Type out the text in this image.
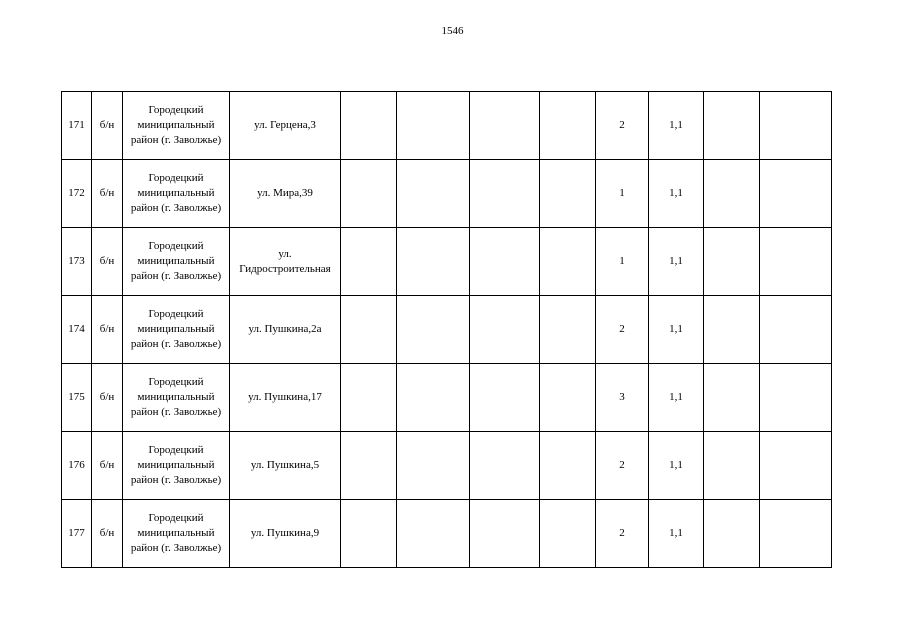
1546
171	б/н	Городецкий
миниципальный
район (г. Заволжье)	ул. Герцена,3					2	1,1		
172	б/н	Городецкий
миниципальный
район (г. Заволжье)	ул. Мира,39					1	1,1		
173	б/н	Городецкий
миниципальный
район (г. Заволжье)	ул.
Гидростроительная					1	1,1		
174	б/н	Городецкий
миниципальный
район (г. Заволжье)	ул. Пушкина,2а					2	1,1		
175	б/н	Городецкий
миниципальный
район (г. Заволжье)	ул. Пушкина,17					3	1,1		
176	б/н	Городецкий
миниципальный
район (г. Заволжье)	ул. Пушкина,5					2	1,1		
177	б/н	Городецкий
миниципальный
район (г. Заволжье)	ул. Пушкина,9					2	1,1		
